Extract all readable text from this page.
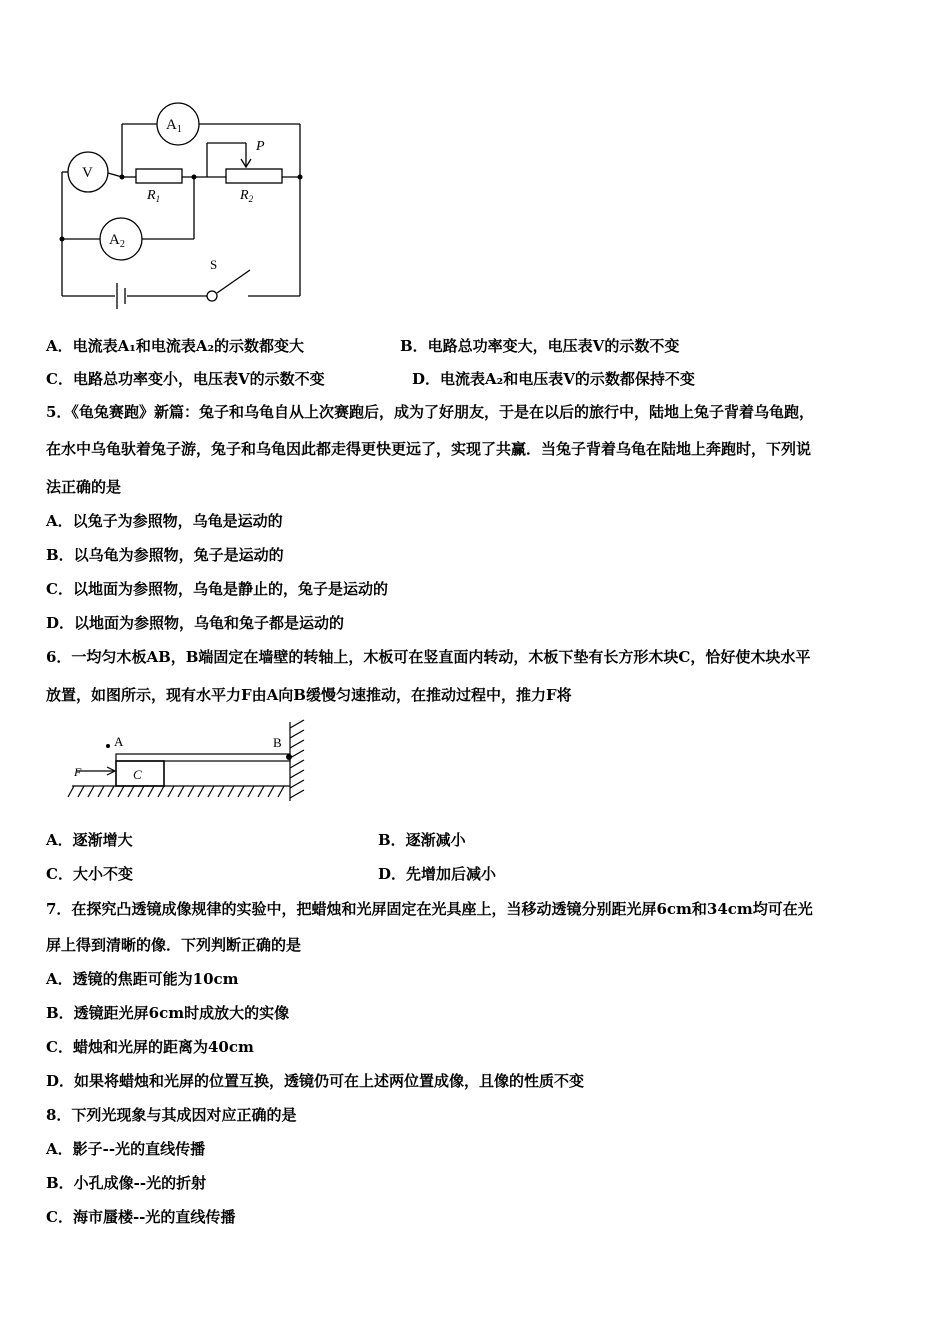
$A_1$
V
$A_2$
$R_1$	$R_2$
P
S
A．电流表A₁和电流表A₂的示数都变大	B．电路总功率变大，电压表V的示数不变
C．电路总功率变小，电压表V的示数不变	D．电流表A₂和电压表V的示数都保持不变
5．《龟兔赛跑》新篇：兔子和乌龟自从上次赛跑后，成为了好朋友，于是在以后的旅行中，陆地上兔子背着乌龟跑，
在水中乌龟驮着兔子游，兔子和乌龟因此都走得更快更远了，实现了共赢．当兔子背着乌龟在陆地上奔跑时，下列说
法正确的是
A．以兔子为参照物，乌龟是运动的
B．以乌龟为参照物，兔子是运动的
C．以地面为参照物，乌龟是静止的，兔子是运动的
D．以地面为参照物，乌龟和兔子都是运动的
6．一均匀木板AB，B端固定在墙壁的转轴上，木板可在竖直面内转动，木板下垫有长方形木块C，恰好使木块水平
放置，如图所示，现有水平力F由A向B缓慢匀速推动，在推动过程中，推力F将
A	B
C
F
A．逐渐增大	B．逐渐减小
C．大小不变	D．先增加后减小
7．在探究凸透镜成像规律的实验中，把蜡烛和光屏固定在光具座上，当移动透镜分别距光屏6cm和34cm均可在光
屏上得到清晰的像．下列判断正确的是
A．透镜的焦距可能为10cm
B．透镜距光屏6cm时成放大的实像
C．蜡烛和光屏的距离为40cm
D．如果将蜡烛和光屏的位置互换，透镜仍可在上述两位置成像，且像的性质不变
8．下列光现象与其成因对应正确的是
A．影子--光的直线传播
B．小孔成像--光的折射
C．海市蜃楼--光的直线传播
